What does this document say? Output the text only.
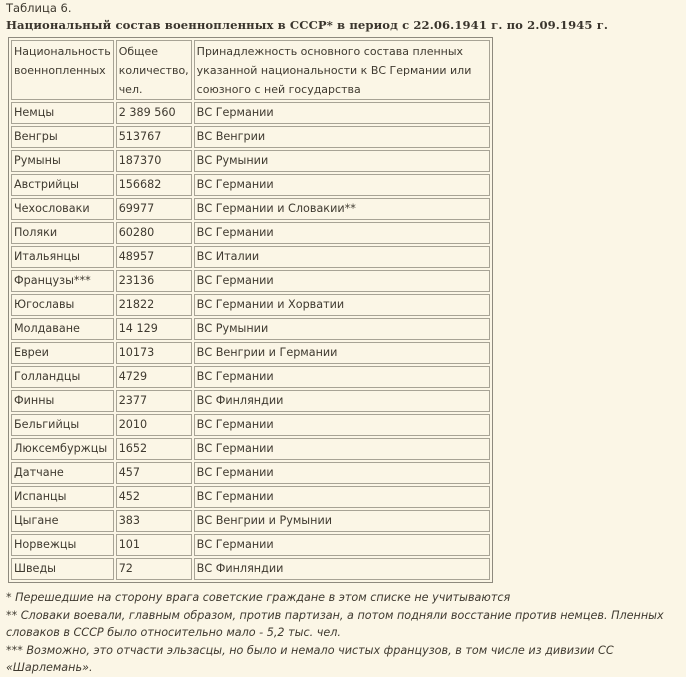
Таблица 6.

Национальный состав военнопленных в СССР* в период с 22.06.1941 г. по 2.09.1945 г.

Национальность военнопленных	Общее количество, чел.	Принадлежность основного состава пленных указанной национальности к ВС Германии или союзного с ней государства
Немцы	2 389 560	ВС Германии
Венгры	513767	ВС Венгрии
Румыны	187370	ВС Румынии
Австрийцы	156682	ВС Германии
Чехословаки	69977	ВС Германии и Словакии**
Поляки	60280	ВС Германии
Итальянцы	48957	ВС Италии
Французы***	23136	ВС Германии
Югославы	21822	ВС Германии и Хорватии
Молдаване	14 129	ВС Румынии
Евреи	10173	ВС Венгрии и Германии
Голландцы	4729	ВС Германии
Финны	2377	ВС Финляндии
Бельгийцы	2010	ВС Германии
Люксембуржцы	1652	ВС Германии
Датчане	457	ВС Германии
Испанцы	452	ВС Германии
Цыгане	383	ВС Венгрии и Румынии
Норвежцы	101	ВС Германии
Шведы	72	ВС Финляндии

* Перешедшие на сторону врага советские граждане в этом списке не учитываются

** Словаки воевали, главным образом, против партизан, а потом подняли восстание против немцев. Пленных словаков в СССР было относительно мало - 5,2 тыс. чел.

*** Возможно, это отчасти эльзасцы, но было и немало чистых французов, в том числе из дивизии СС «Шарлемань».
